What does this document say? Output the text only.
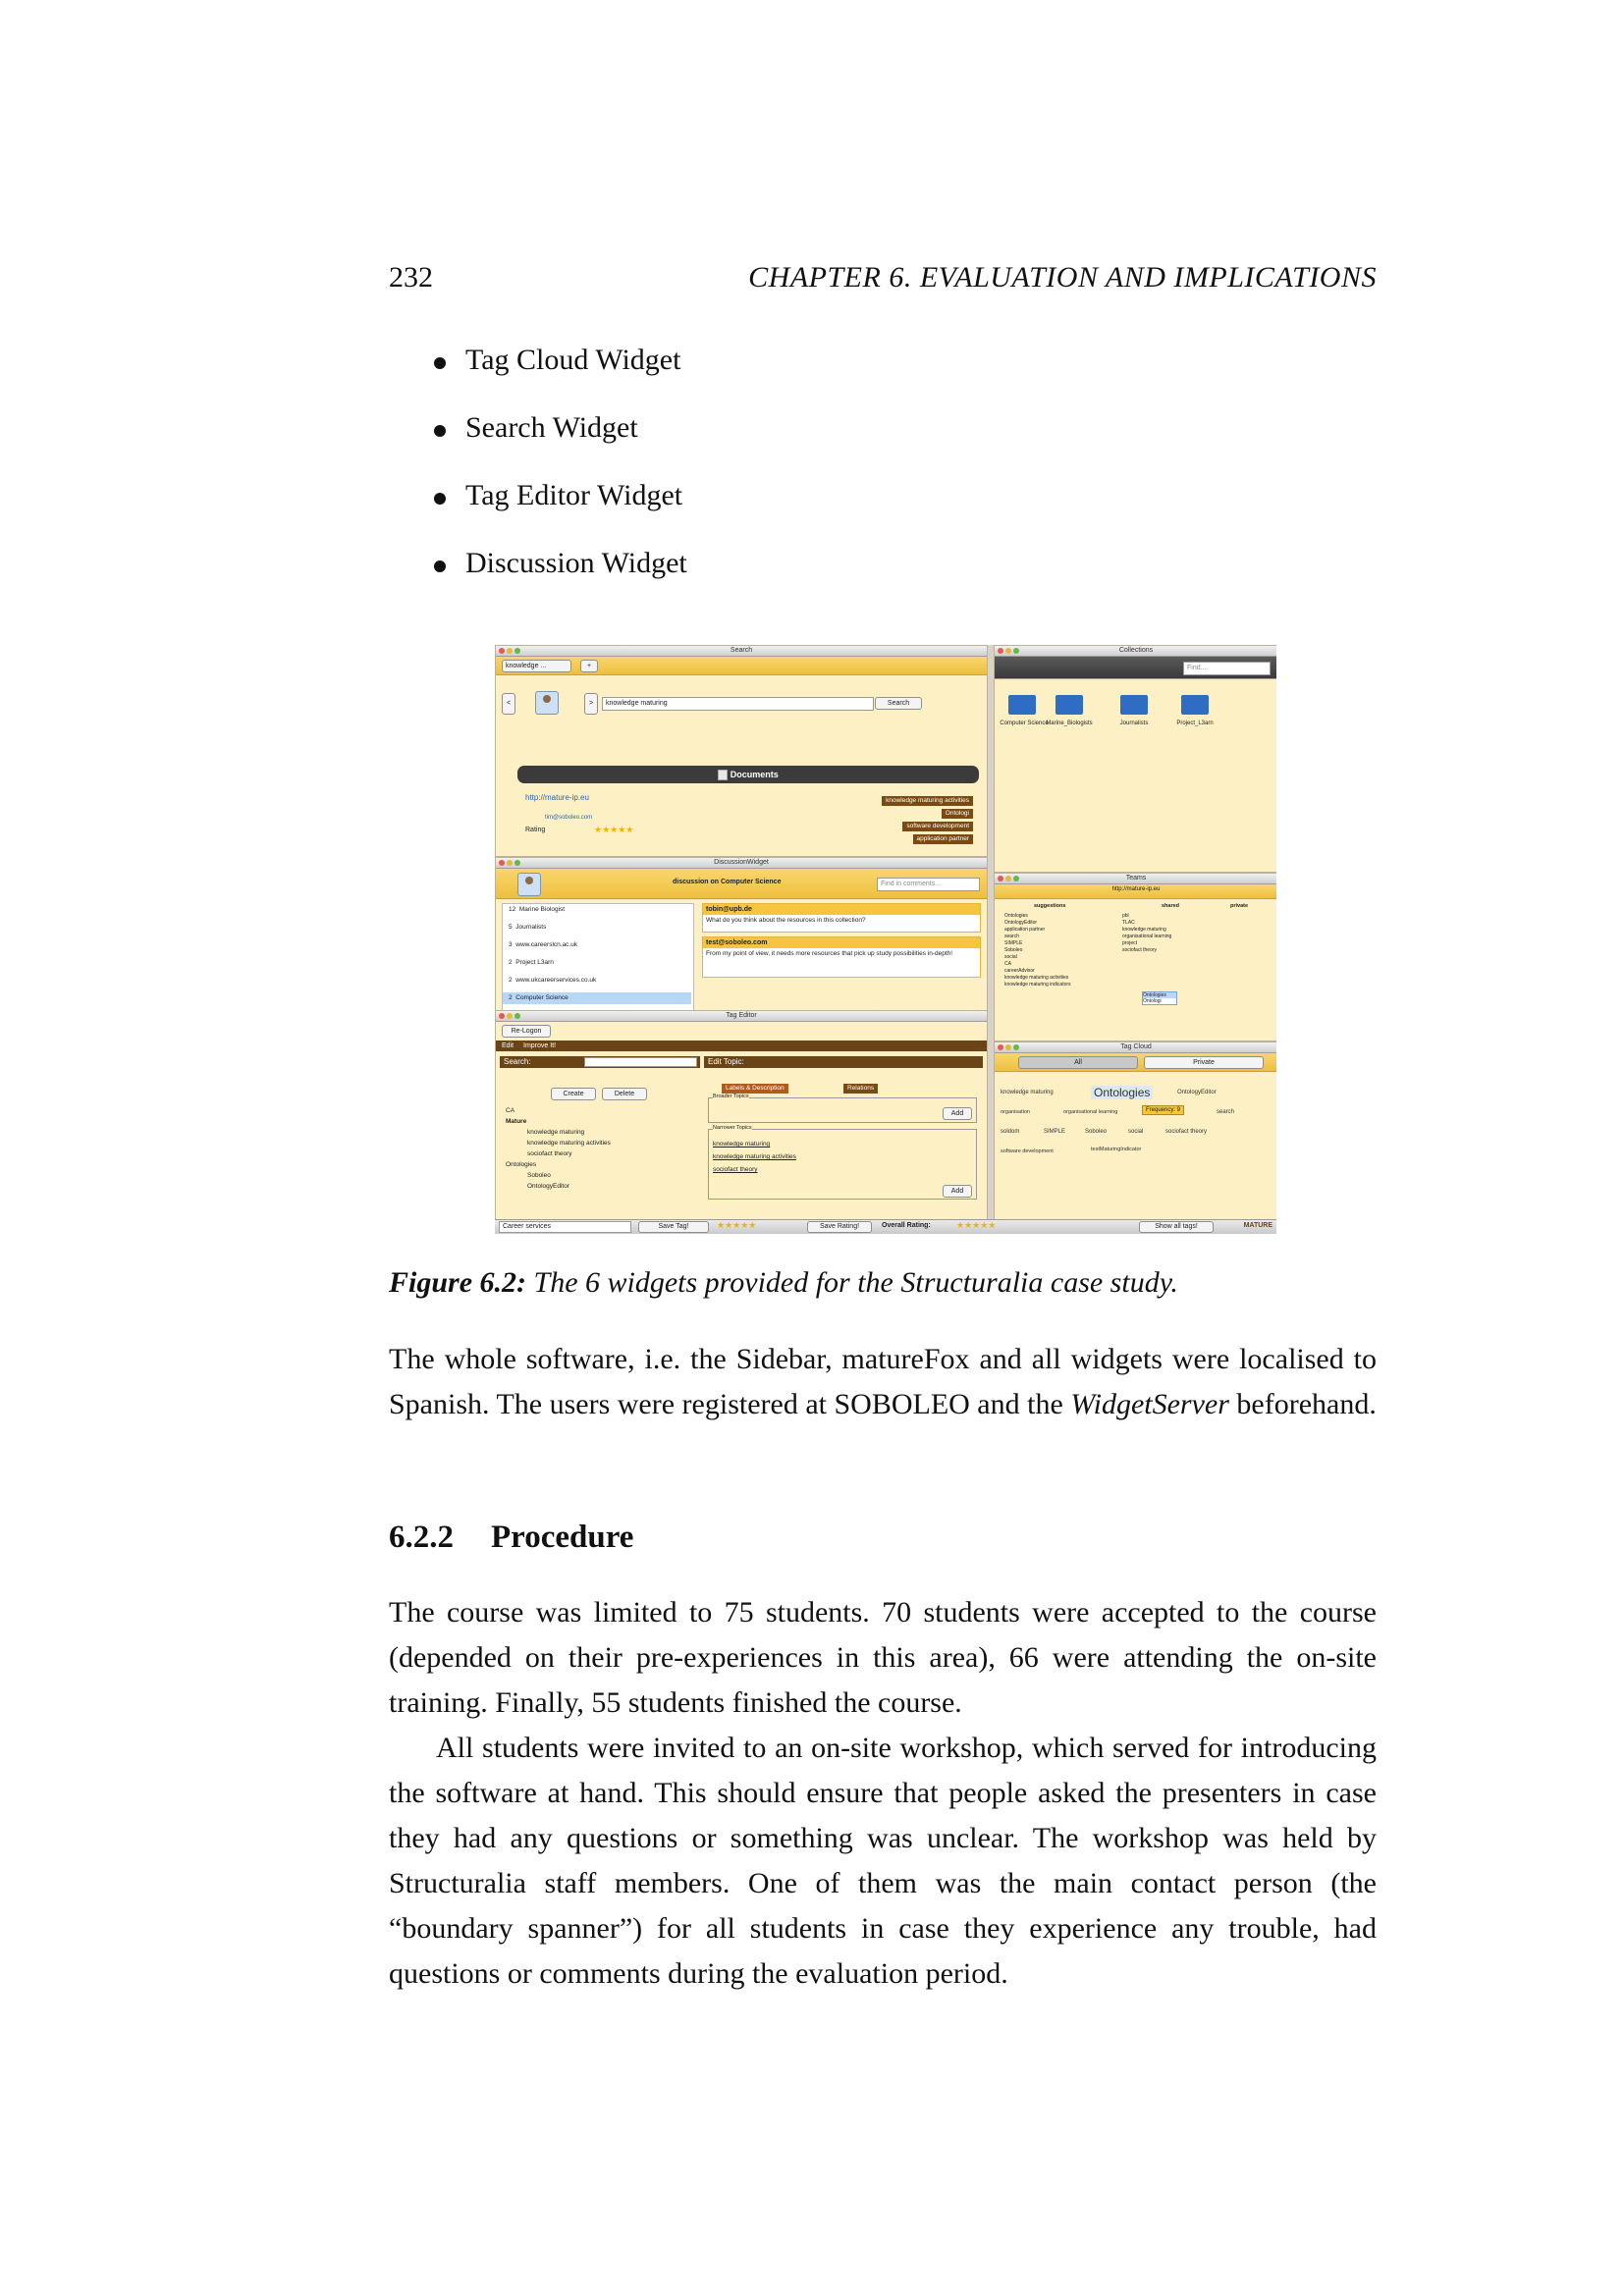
232	CHAPTER 6. EVALUATION AND IMPLICATIONS
Tag Cloud Widget
Search Widget
Tag Editor Widget
Discussion Widget
Search
knowledge ...	+
<	>	knowledge maturing	Search
Documents
http://mature-ip.eu
tim@soboleo.com
Rating	★★★★★
knowledge maturing activities
Ontologi
software development
application partner
Collections
Find...
Computer Science
Marine_Biologists	Journalists	Project_L3arn
DiscussionWidget
discussion on Computer Science	Find in comments...
12 Marine Biologist
5 Journalists
3 www.careerslcn.ac.uk
2 Project L3arn
2 www.ukcareerservices.co.uk
2 Computer Science
tobin@upb.de
What do you think about the resources in this collection?
test@soboleo.com
From my point of view, it needs more resources that pick up study possibilities in-depth!
Teams
http://mature-ip.eu
suggestions	shared	private
Ontologies
OntologyEditor
application partner
search
SIMPLE
Soboleo
social
CA
careerAdvisor
knowledge maturing activities
knowledge maturing indicators
pbl
TLAC
knowledge maturing
organisational learning
project
sociofact theory
Ontologies
Ontologi
Tag Editor
Re-Logon
Edit Improve It!
Search:
Create	Delete
CA
Mature
knowledge maturing
knowledge maturing activities
sociofact theory
Ontologies
Soboleo
OntologyEditor
Edit Topic:
Labels & Description	Relations
Broader Topics
Add
Narrower Topics
knowledge maturing
knowledge maturing activities
sociofact theory
Add
Tag Cloud
All	Private
knowledge maturing	Ontologies	OntologyEditor
organisation	organisational learning	Frequency: 9	search
soldom	SIMPLE	Soboleo	social	sociofact theory
software development	testMaturingIndicator
Career services	Save Tag!	★★★★★	Save Rating!	Overall Rating:	★★★★★	Show all tags!	MATURE
Figure 6.2: The 6 widgets provided for the Structuralia case study.

The whole software, i.e. the Sidebar, matureFox and all widgets were localised to Spanish. The users were registered at SOBOLEO and the WidgetServer beforehand.

6.2.2 Procedure

The course was limited to 75 students. 70 students were accepted to the course (depended on their pre-experiences in this area), 66 were attending the on-site training. Finally, 55 students finished the course.

All students were invited to an on-site workshop, which served for introducing the software at hand. This should ensure that people asked the presenters in case they had any questions or something was unclear. The workshop was held by Structuralia staff members. One of them was the main contact person (the “boundary spanner”) for all students in case they experience any trouble, had questions or comments during the evaluation period.
